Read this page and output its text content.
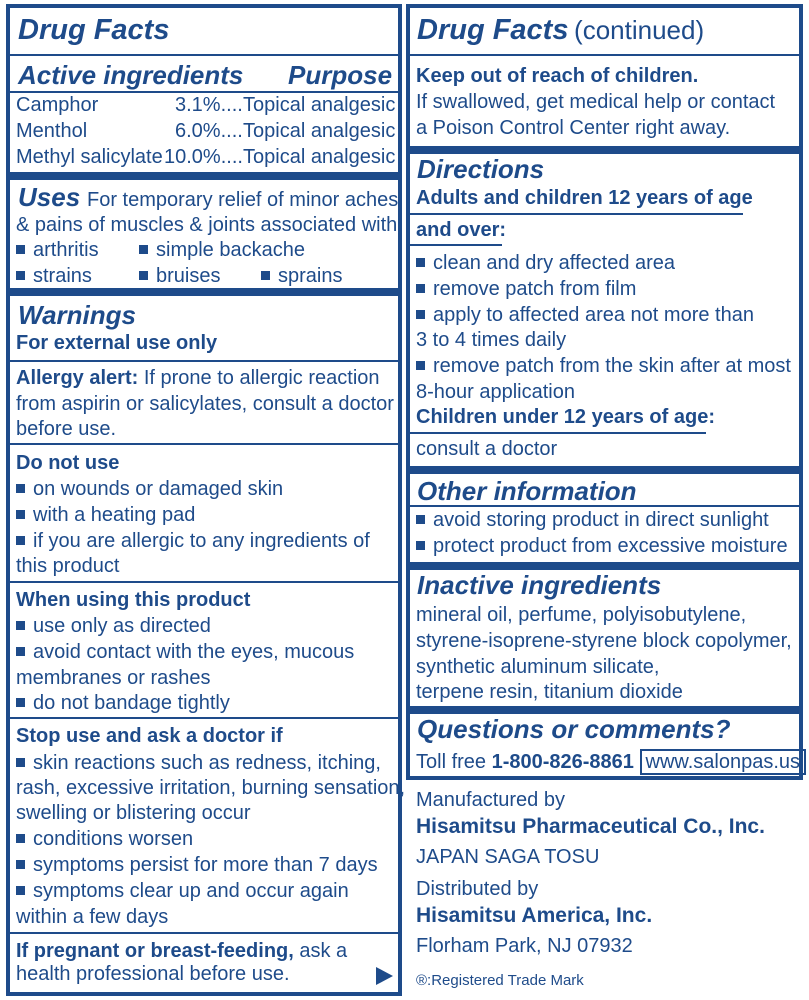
Drug Facts
Active ingredients Purpose
Camphor	3.1%.... Topical analgesic
Menthol	6.0%.... Topical analgesic
Methyl salicylate 10.0%.... Topical analgesic
Uses For temporary relief of minor aches
& pains of muscles & joints associated with:
arthritis	simple backache
strains	bruises	sprains
Warnings
For external use only
Allergy alert: If prone to allergic reaction
from aspirin or salicylates, consult a doctor
before use.
Do not use
on wounds or damaged skin
with a heating pad
if you are allergic to any ingredients of
this product
When using this product
use only as directed
avoid contact with the eyes, mucous
membranes or rashes
do not bandage tightly
Stop use and ask a doctor if
skin reactions such as redness, itching,
rash, excessive irritation, burning sensation,
swelling or blistering occur
conditions worsen
symptoms persist for more than 7 days
symptoms clear up and occur again
within a few days
If pregnant or breast-feeding, ask a
health professional before use.
Drug Facts (continued)
Keep out of reach of children.
If swallowed, get medical help or contact
a Poison Control Center right away.
Directions
Adults and children 12 years of age
and over:
clean and dry affected area
remove patch from film
apply to affected area not more than
3 to 4 times daily
remove patch from the skin after at most
8-hour application
Children under 12 years of age:
consult a doctor
Other information
avoid storing product in direct sunlight
protect product from excessive moisture
Inactive ingredients
mineral oil, perfume, polyisobutylene,
styrene-isoprene-styrene block copolymer,
synthetic aluminum silicate,
terpene resin, titanium dioxide
Questions or comments?
Toll free 1-800-826-8861 www.salonpas.us
Manufactured by
Hisamitsu Pharmaceutical Co., Inc.
JAPAN SAGA TOSU
Distributed by
Hisamitsu America, Inc.
Florham Park, NJ 07932
®:Registered Trade Mark
